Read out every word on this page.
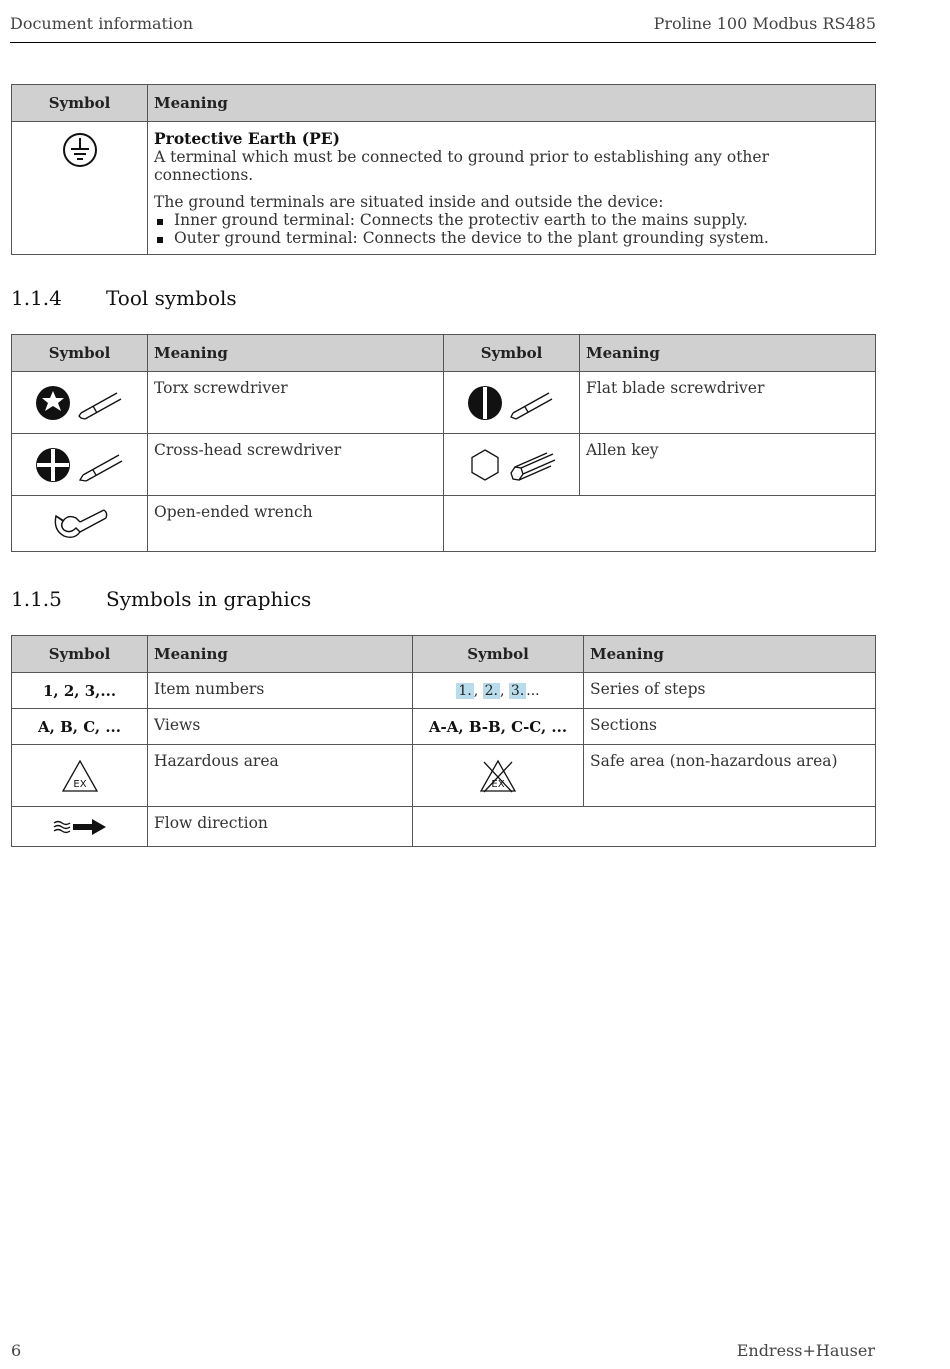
Document information	Proline 100 Modbus RS485
Symbol	Meaning

Protective Earth (PE)
A terminal which must be connected to ground prior to establishing any other connections.
The ground terminals are situated inside and outside the device:
Inner ground terminal: Connects the protectiv earth to the mains supply.
Outer ground terminal: Connects the device to the plant grounding system.
1.1.4 Tool symbols
Symbol	Meaning	Symbol	Meaning
	Torx screwdriver		Flat blade screwdriver
	Cross-head screwdriver		Allen key
	Open-ended wrench		
1.1.5 Symbols in graphics
Symbol	Meaning	Symbol	Meaning
1, 2, 3,...	Item numbers	1. , 2. , 3. ...	Series of steps
A, B, C, ...	Views	A-A, B-B, C-C, ...	Sections

EX	Hazardous area	EX	Safe area (non-hazardous area)
	Flow direction		
6	Endress+Hauser
